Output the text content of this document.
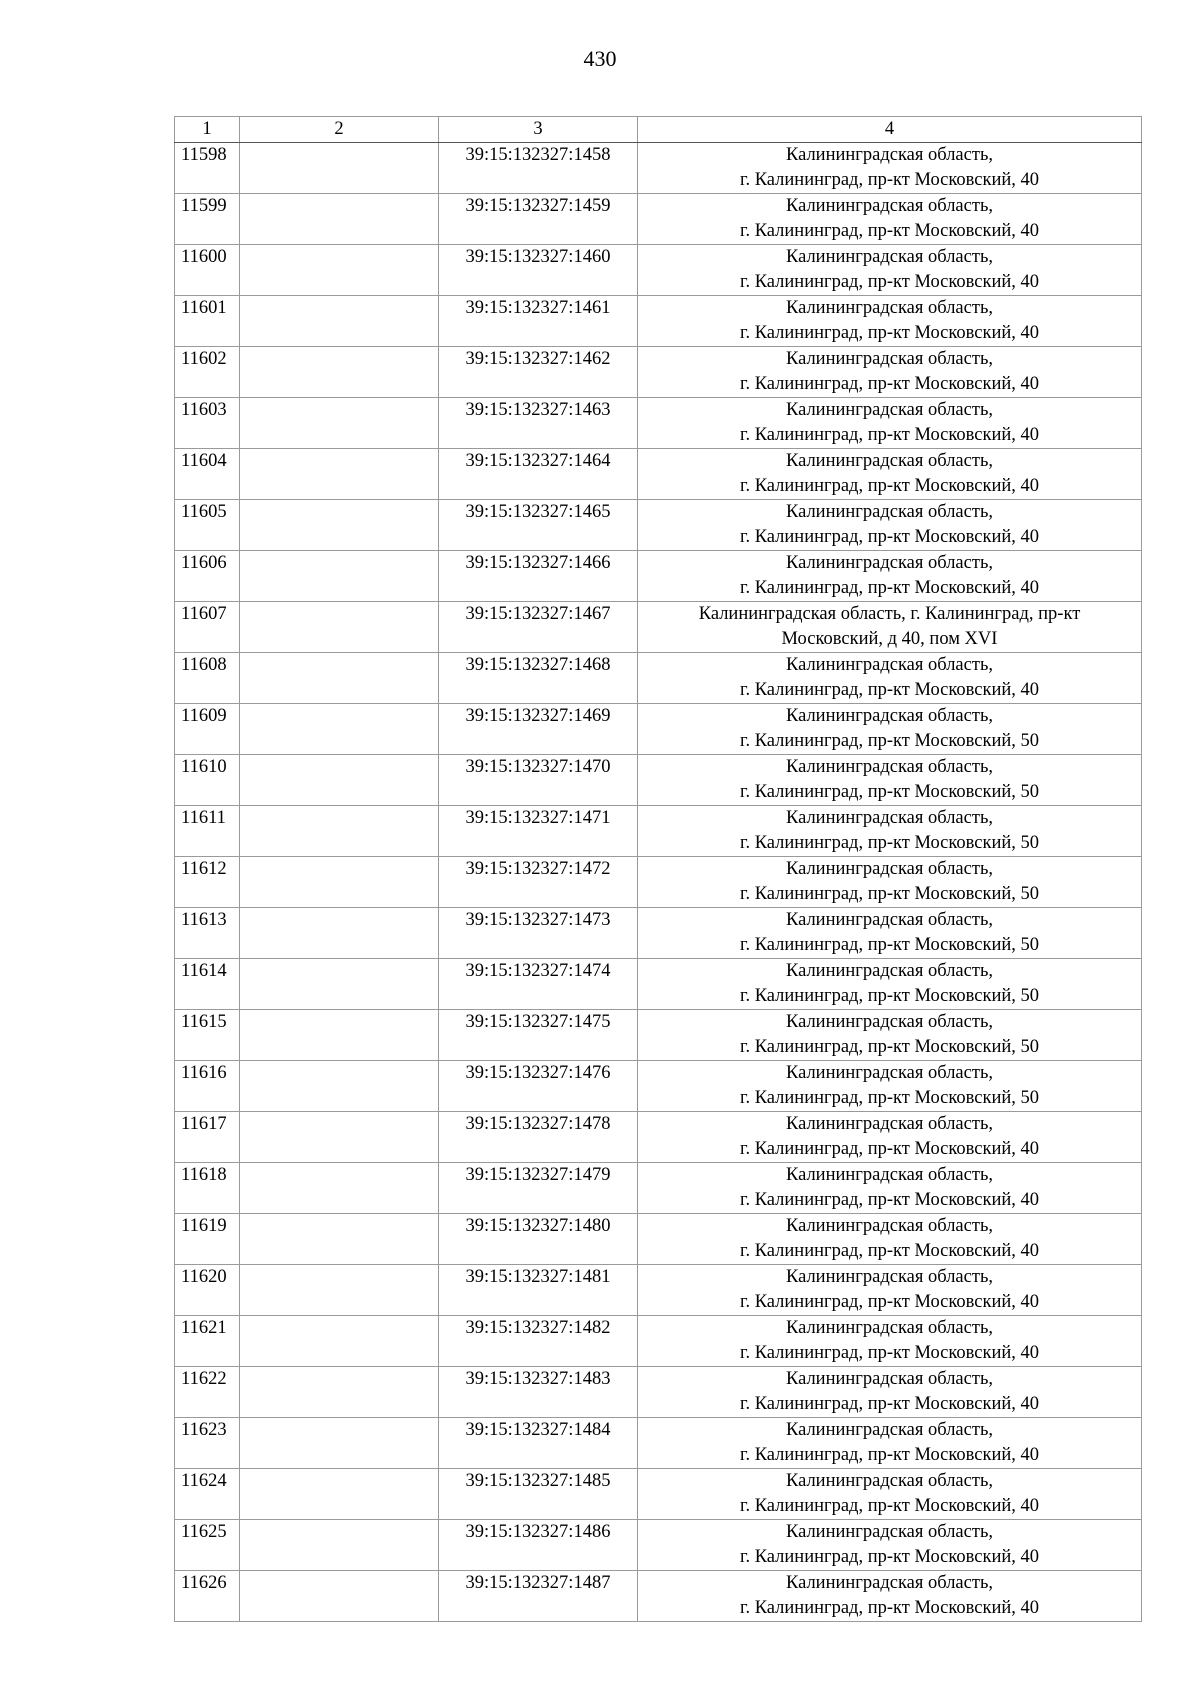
430
1	2	3	4
11598		39:15:132327:1458	Калининградская область,
г. Калининград, пр-кт Московский, 40

11599		39:15:132327:1459	Калининградская область,
г. Калининград, пр-кт Московский, 40

11600		39:15:132327:1460	Калининградская область,
г. Калининград, пр-кт Московский, 40

11601		39:15:132327:1461	Калининградская область,
г. Калининград, пр-кт Московский, 40

11602		39:15:132327:1462	Калининградская область,
г. Калининград, пр-кт Московский, 40

11603		39:15:132327:1463	Калининградская область,
г. Калининград, пр-кт Московский, 40

11604		39:15:132327:1464	Калининградская область,
г. Калининград, пр-кт Московский, 40

11605		39:15:132327:1465	Калининградская область,
г. Калининград, пр-кт Московский, 40

11606		39:15:132327:1466	Калининградская область,
г. Калининград, пр-кт Московский, 40

11607		39:15:132327:1467	Калининградская область, г. Калининград, пр-кт
Московский, д 40, пом XVI

11608		39:15:132327:1468	Калининградская область,
г. Калининград, пр-кт Московский, 40

11609		39:15:132327:1469	Калининградская область,
г. Калининград, пр-кт Московский, 50

11610		39:15:132327:1470	Калининградская область,
г. Калининград, пр-кт Московский, 50

11611		39:15:132327:1471	Калининградская область,
г. Калининград, пр-кт Московский, 50

11612		39:15:132327:1472	Калининградская область,
г. Калининград, пр-кт Московский, 50

11613		39:15:132327:1473	Калининградская область,
г. Калининград, пр-кт Московский, 50

11614		39:15:132327:1474	Калининградская область,
г. Калининград, пр-кт Московский, 50

11615		39:15:132327:1475	Калининградская область,
г. Калининград, пр-кт Московский, 50

11616		39:15:132327:1476	Калининградская область,
г. Калининград, пр-кт Московский, 50

11617		39:15:132327:1478	Калининградская область,
г. Калининград, пр-кт Московский, 40

11618		39:15:132327:1479	Калининградская область,
г. Калининград, пр-кт Московский, 40

11619		39:15:132327:1480	Калининградская область,
г. Калининград, пр-кт Московский, 40

11620		39:15:132327:1481	Калининградская область,
г. Калининград, пр-кт Московский, 40

11621		39:15:132327:1482	Калининградская область,
г. Калининград, пр-кт Московский, 40

11622		39:15:132327:1483	Калининградская область,
г. Калининград, пр-кт Московский, 40

11623		39:15:132327:1484	Калининградская область,
г. Калининград, пр-кт Московский, 40

11624		39:15:132327:1485	Калининградская область,
г. Калининград, пр-кт Московский, 40

11625		39:15:132327:1486	Калининградская область,
г. Калининград, пр-кт Московский, 40

11626		39:15:132327:1487	Калининградская область,
г. Калининград, пр-кт Московский, 40
